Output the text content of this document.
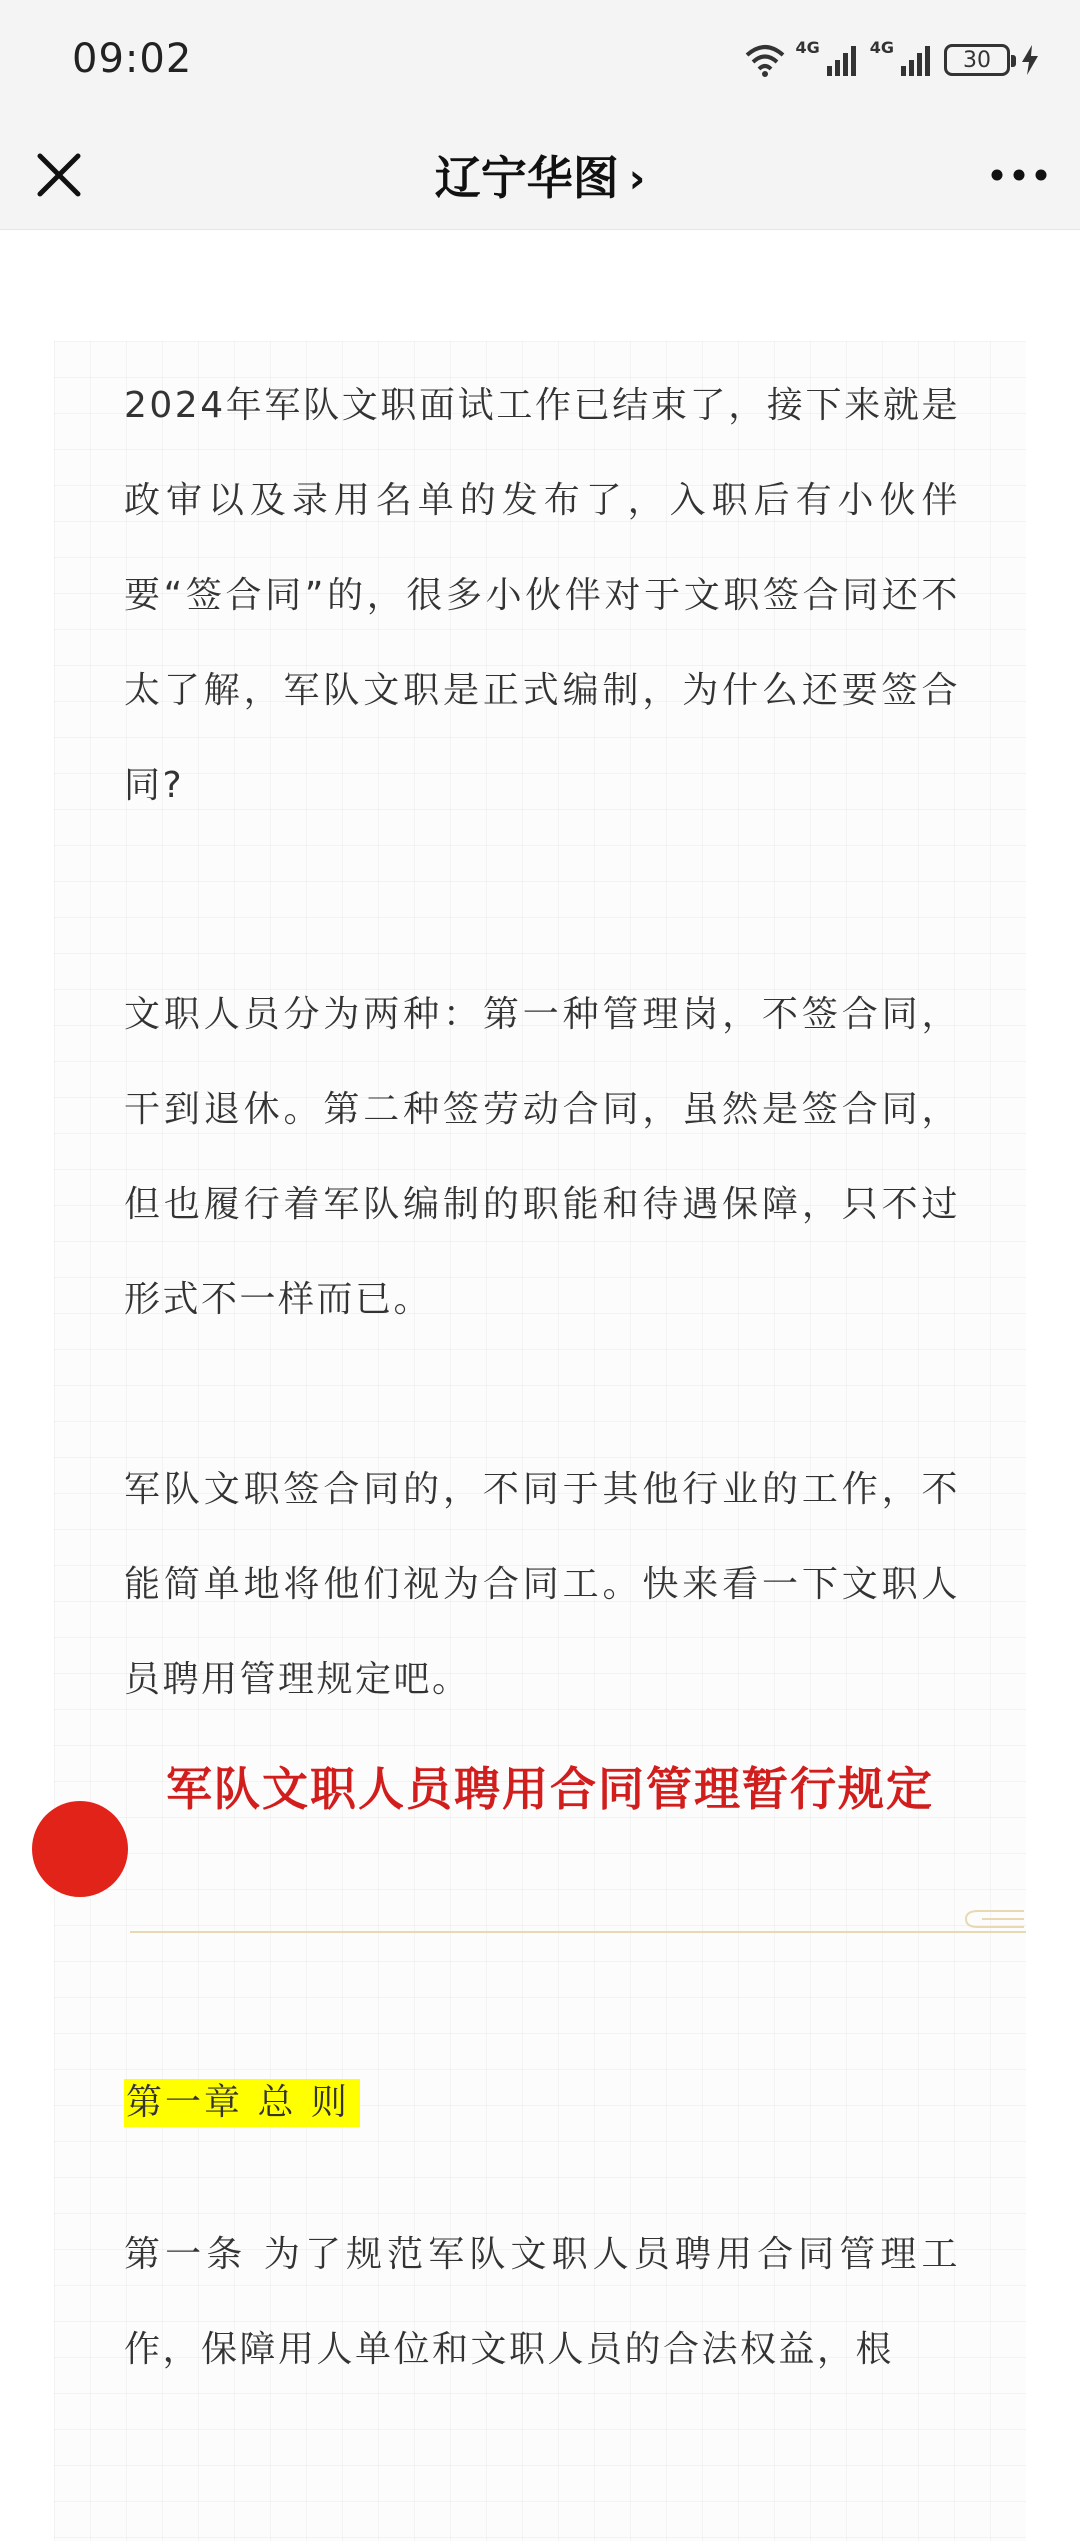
09:02	4G	4G	30
辽宁华图 ›
2024年军队文职面试工作已结束了，接下来就是政审以及录用名单的发布了，入职后有小伙伴要“签合同”的，很多小伙伴对于文职签合同还不太了解，军队文职是正式编制，为什么还要签合同?
文职人员分为两种：第一种管理岗，不签合同，干到退休。第二种签劳动合同，虽然是签合同，但也履行着军队编制的职能和待遇保障，只不过形式不一样而已。
军队文职签合同的，不同于其他行业的工作，不能简单地将他们视为合同工。快来看一下文职人员聘用管理规定吧。
军队文职人员聘用合同管理暂行规定
第一章 总 则
第一条 为了规范军队文职人员聘用合同管理工作，保障用人单位和文职人员的合法权益，根
